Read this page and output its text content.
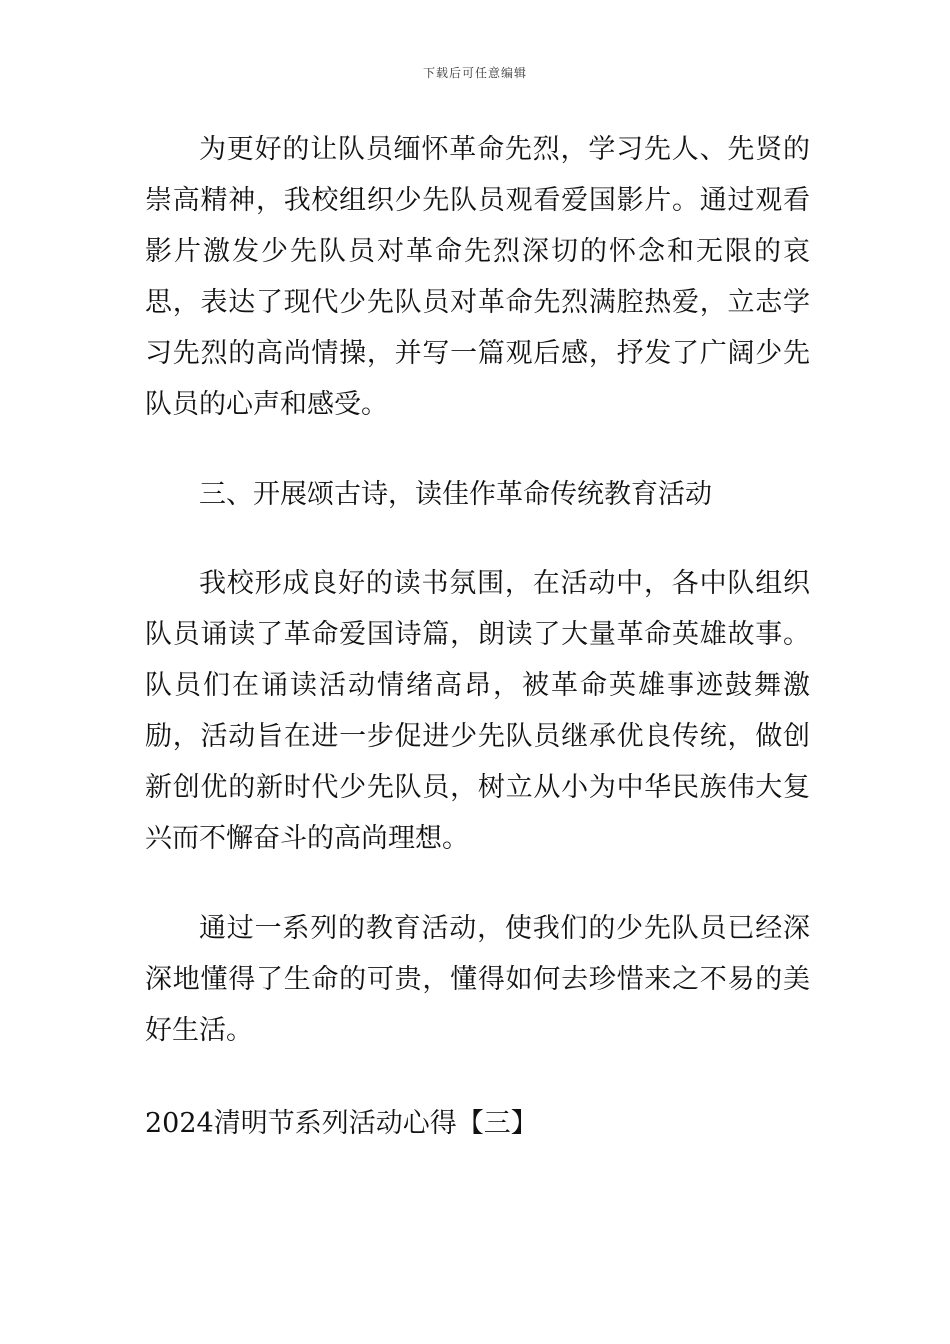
下载后可任意编辑

为更好的让队员缅怀革命先烈，学习先人、先贤的崇高精神，我校组织少先队员观看爱国影片。通过观看影片激发少先队员对革命先烈深切的怀念和无限的哀思，表达了现代少先队员对革命先烈满腔热爱，立志学习先烈的高尚情操，并写一篇观后感，抒发了广阔少先队员的心声和感受。

三、开展颂古诗，读佳作革命传统教育活动

我校形成良好的读书氛围，在活动中，各中队组织队员诵读了革命爱国诗篇，朗读了大量革命英雄故事。队员们在诵读活动情绪高昂，被革命英雄事迹鼓舞激励，活动旨在进一步促进少先队员继承优良传统，做创新创优的新时代少先队员，树立从小为中华民族伟大复兴而不懈奋斗的高尚理想。

通过一系列的教育活动，使我们的少先队员已经深深地懂得了生命的可贵，懂得如何去珍惜来之不易的美好生活。

2024清明节系列活动心得【三】
